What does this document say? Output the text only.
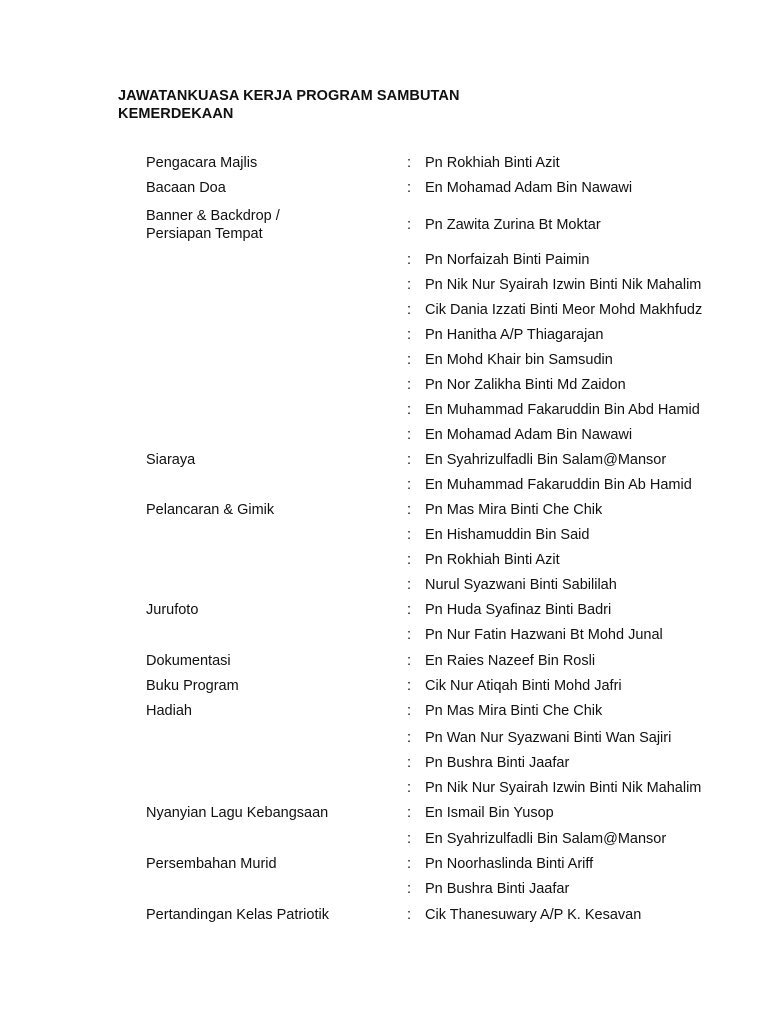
JAWATANKUASA KERJA PROGRAM SAMBUTAN
KEMERDEKAAN
Pengacara Majlis	: Pn Rokhiah Binti Azit
Bacaan Doa	: En Mohamad Adam Bin Nawawi
Banner & Backdrop /
Persiapan Tempat
: Pn Zawita Zurina Bt Moktar
: Pn Norfaizah Binti Paimin
: Pn Nik Nur Syairah Izwin Binti Nik Mahalim
: Cik Dania Izzati Binti Meor Mohd Makhfudz
: Pn Hanitha A/P Thiagarajan
: En Mohd Khair bin Samsudin
: Pn Nor Zalikha Binti Md Zaidon
: En Muhammad Fakaruddin Bin Abd Hamid
: En Mohamad Adam Bin Nawawi
Siaraya	: En Syahrizulfadli Bin Salam@Mansor
: En Muhammad Fakaruddin Bin Ab Hamid
Pelancaran & Gimik	: Pn Mas Mira Binti Che Chik
: En Hishamuddin Bin Said
: Pn Rokhiah Binti Azit
: Nurul Syazwani Binti Sabililah
Jurufoto	: Pn Huda Syafinaz Binti Badri
: Pn Nur Fatin Hazwani Bt Mohd Junal
Dokumentasi	: En Raies Nazeef Bin Rosli
Buku Program	: Cik Nur Atiqah Binti Mohd Jafri
Hadiah	: Pn Mas Mira Binti Che Chik
: Pn Wan Nur Syazwani Binti Wan Sajiri
: Pn Bushra Binti Jaafar
: Pn Nik Nur Syairah Izwin Binti Nik Mahalim
Nyanyian Lagu Kebangsaan	: En Ismail Bin Yusop
: En Syahrizulfadli Bin Salam@Mansor
Persembahan Murid	: Pn Noorhaslinda Binti Ariff
: Pn Bushra Binti Jaafar
Pertandingan Kelas Patriotik	: Cik Thanesuwary A/P K. Kesavan
